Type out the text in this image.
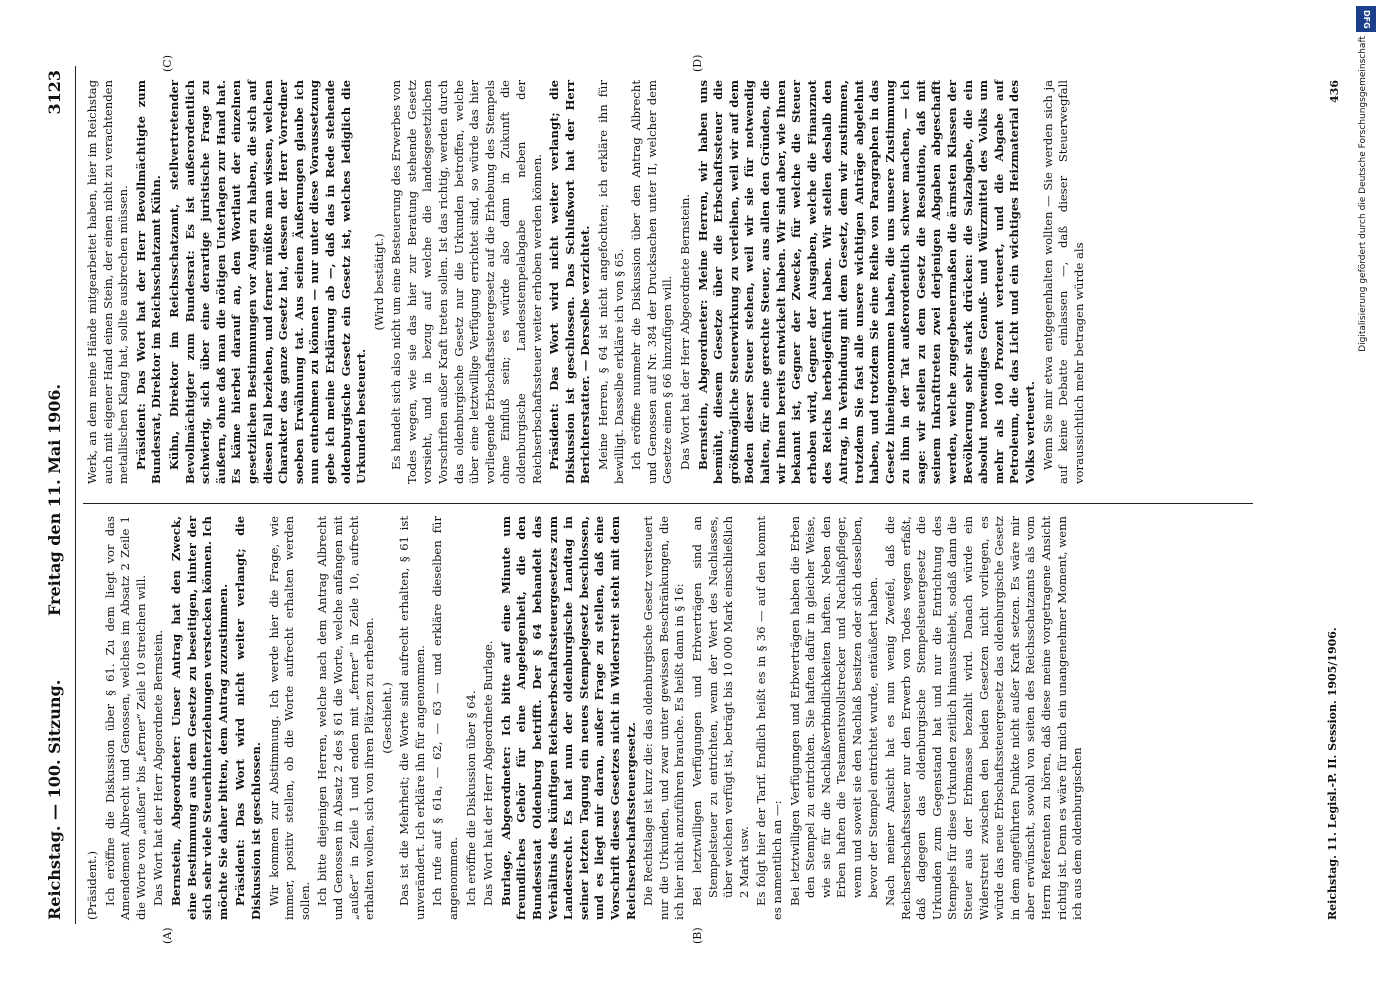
Reichstag. — 100. Sitzung.
Freitag den 11. Mai 1906.
3123
(A)	(B)
(C)	(D)

(Präsident.) Ich eröffne die Diskussion über § 61. Zu dem liegt vor das Amendement Albrecht und Genossen, welches im Absatz 2 Zeile 1 die Worte von „außen“ bis „ferner“ Zeile 10 streichen will. Das Wort hat der Herr Abgeordnete Bernstein. Bernstein, Abgeordneter: Unser Antrag hat den Zweck, eine Bestimmung aus dem Gesetze zu beseitigen, hinter der sich sehr viele Steuerhinterziehungen verstecken können. Ich möchte Sie daher bitten, dem Antrag zuzustimmen. Präsident: Das Wort wird nicht weiter verlangt; die Diskussion ist geschlossen. Wir kommen zur Abstimmung. Ich werde hier die Frage, wie immer, positiv stellen, ob die Worte aufrecht erhalten werden sollen. Ich bitte diejenigen Herren, welche nach dem Antrag Albrecht und Genossen in Absatz 2 des § 61 die Worte, welche anfangen mit „außer“ in Zeile 1 und enden mit „ferner“ in Zeile 10, aufrecht erhalten wollen, sich von ihren Plätzen zu erheben. (Geschieht.) Das ist die Mehrheit; die Worte sind aufrecht erhalten, § 61 ist unverändert. Ich erkläre ihn für angenommen. Ich rufe auf § 61a, — 62, — 63 — und erkläre dieselben für angenommen. Ich eröffne die Diskussion über § 64. Das Wort hat der Herr Abgeordnete Burlage. Burlage, Abgeordneter: Ich bitte auf eine Minute um freundliches Gehör für eine Angelegenheit, die den Bundesstaat Oldenburg betrifft. Der § 64 behandelt das Verhältnis des künftigen Reichserbschaftssteuergesetzes zum Landesrecht. Es hat nun der oldenburgische Landtag in seiner letzten Tagung ein neues Stempelgesetz beschlossen, und es liegt mir daran, außer Frage zu stellen, daß eine Vorschrift dieses Gesetzes nicht in Widerstreit steht mit dem Reichserbschaftssteuergesetz. Die Rechtslage ist kurz die: das oldenburgische Gesetz versteuert nur die Urkunden, und zwar unter gewissen Beschränkungen, die ich hier nicht anzuführen brauche. Es heißt dann in § 16: Bei letztwilligen Verfügungen und Erbverträgen sind an Stempelsteuer zu entrichten, wenn der Wert des Nachlasses, über welchen verfügt ist, beträgt bis 10 000 Mark einschließlich 2 Mark usw. Es folgt hier der Tarif. Endlich heißt es in § 36 — auf den kommt es namentlich an —: Bei letztwilligen Verfügungen und Erbverträgen haben die Erben den Stempel zu entrichten. Sie haften dafür in gleicher Weise, wie sie für die Nachlaßverbindlichkeiten haften. Neben den Erben haften die Testamentsvollstrecker und Nachlaßpfleger, wenn und soweit sie den Nachlaß besitzen oder sich desselben, bevor der Stempel entrichtet wurde, entäußert haben. Nach meiner Ansicht hat es nun wenig Zweifel, daß die Reichserbschaftssteuer nur den Erwerb von Todes wegen erfaßt, daß dagegen das oldenburgische Stempelsteuergesetz die Urkunden zum Gegenstand hat und nur die Entrichtung des Stempels für diese Urkunden zeitlich hinausschiebt, sodaß dann die Steuer aus der Erbmasse bezahlt wird. Danach würde ein Widerstreit zwischen den beiden Gesetzen nicht vorliegen, es würde das neue Erbschaftssteuergesetz das oldenburgische Gesetz in dem angeführten Punkte nicht außer Kraft setzen. Es wäre mir aber erwünscht, sowohl von seiten des Reichsschatzamts als vom Herrn Referenten zu hören, daß diese meine vorgetragene Ansicht richtig ist. Denn es wäre für mich ein unangenehmer Moment, wenn ich aus dem oldenburgischen

Werk, an dem meine Hände mitgearbeitet haben, hier im Reichstag auch mit eigener Hand einen Stein, der einen nicht zu verachtenden metallischen Klang hat, sollte ausbrechen müssen. Präsident: Das Wort hat der Herr Bevollmächtigte zum Bundesrat, Direktor im Reichsschatzamt Kühn. Kühn, Direktor im Reichsschatzamt, stellvertretender Bevollmächtigter zum Bundesrat: Es ist außerordentlich schwierig, sich über eine derartige juristische Frage zu äußern, ohne daß man die nötigen Unterlagen zur Hand hat. Es käme hierbei darauf an, den Wortlaut der einzelnen gesetzlichen Bestimmungen vor Augen zu haben, die sich auf diesen Fall beziehen, und ferner müßte man wissen, welchen Charakter das ganze Gesetz hat, dessen der Herr Vorredner soeben Erwähnung tat. Aus seinen Äußerungen glaube ich nun entnehmen zu können — nur unter diese Voraussetzung gebe ich meine Erklärung ab —, daß das in Rede stehende oldenburgische Gesetz ein Gesetz ist, welches lediglich die Urkunden besteuert.

(Wird bestätigt.) Es handelt sich also nicht um eine Besteuerung des Erwerbes von Todes wegen, wie sie das hier zur Beratung stehende Gesetz vorsieht, und in bezug auf welche die landesgesetzlichen Vorschriften außer Kraft treten sollen. Ist das richtig, werden durch das oldenburgische Gesetz nur die Urkunden betroffen, welche über eine letztwillige Verfügung errichtet sind, so würde das hier vorliegende Erbschaftssteuergesetz auf die Erhebung des Stempels ohne Einfluß sein; es würde also dann in Zukunft die oldenburgische Landesstempelabgabe neben der Reichserbschaftssteuer weiter erhoben werden können. Präsident: Das Wort wird nicht weiter verlangt; die Diskussion ist geschlossen. Das Schlußwort hat der Herr Berichterstatter. — Derselbe verzichtet. Meine Herren, § 64 ist nicht angefochten; ich erkläre ihn für bewilligt. Dasselbe erkläre ich von § 65. Ich eröffne nunmehr die Diskussion über den Antrag Albrecht und Genossen auf Nr. 384 der Drucksachen unter II, welcher dem Gesetze einen § 66 hinzufügen will. Das Wort hat der Herr Abgeordnete Bernstein. Bernstein, Abgeordneter: Meine Herren, wir haben uns bemüht, diesem Gesetze über die Erbschaftssteuer die größtmögliche Steuerwirkung zu verleihen, weil wir auf dem Boden dieser Steuer stehen, weil wir sie für notwendig halten, für eine gerechte Steuer, aus allen den Gründen, die wir Ihnen bereits entwickelt haben. Wir sind aber, wie Ihnen bekannt ist, Gegner der Zwecke, für welche die Steuer erhoben wird, Gegner der Ausgaben, welche die Finanznot des Reichs herbeigeführt haben. Wir stellen deshalb den Antrag, in Verbindung mit dem Gesetz, dem wir zustimmen, trotzdem Sie fast alle unsere wichtigen Anträge abgelehnt haben, und trotzdem Sie eine Reihe von Paragraphen in das Gesetz hineingenommen haben, die uns unsere Zustimmung zu ihm in der Tat außerordentlich schwer machen, — ich sage: wir stellen zu dem Gesetz die Resolution, daß mit seinem Inkrafttreten zwei derjenigen Abgaben abgeschafft werden, welche zugegebenermaßen die ärmsten Klassen der Bevölkerung sehr stark drücken: die Salzabgabe, die ein absolut notwendiges Genuß- und Würzmittel des Volks um mehr als 100 Prozent verteuert, und die Abgabe auf Petroleum, die das Licht und ein wichtiges Heizmaterial des Volks verteuert. Wenn Sie mir etwa entgegenhalten wollten — Sie werden sich ja auf keine Debatte einlassen —, daß dieser Steuerwegfall voraussichtlich mehr betragen würde als

Reichstag. 11. Legisl.-P. II. Session. 1905/1906.
436
DFG
Digitalisierung gefördert durch die Deutsche Forschungsgemeinschaft
